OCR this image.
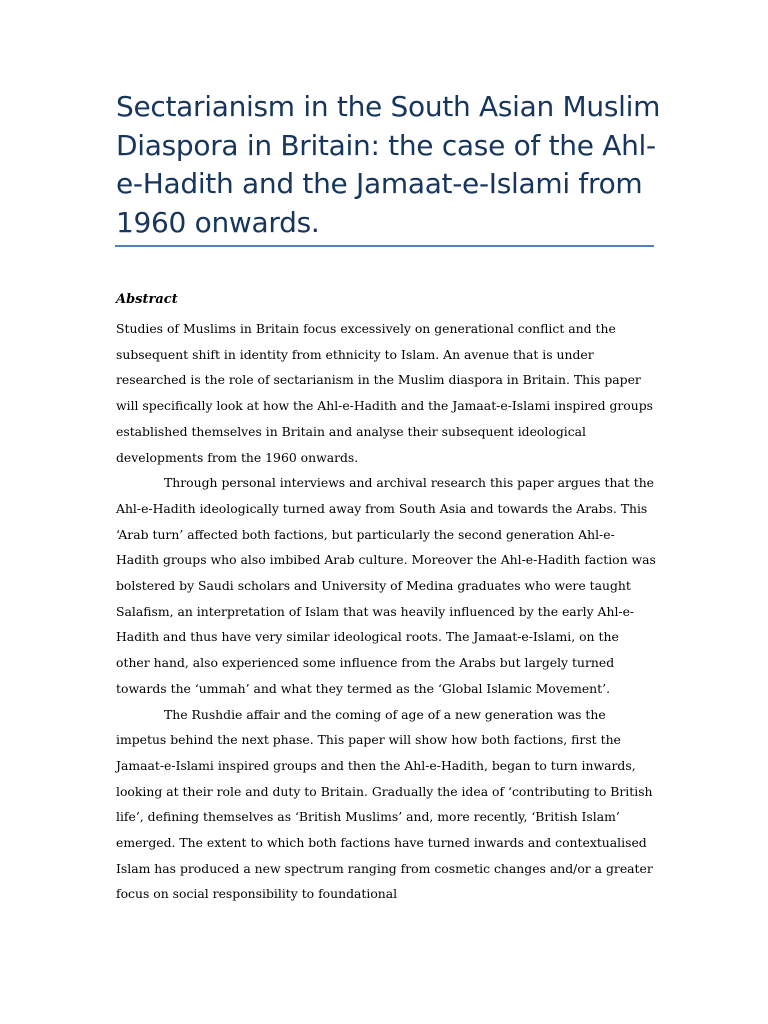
Sectarianism in the South Asian Muslim Diaspora in Britain: the case of the Ahl-e-Hadith and the Jamaat-e-Islami from 1960 onwards.
Abstract

Studies of Muslims in Britain focus excessively on generational conflict and the subsequent shift in identity from ethnicity to Islam. An avenue that is under researched is the role of sectarianism in the Muslim diaspora in Britain. This paper will specifically look at how the Ahl-e-Hadith and the Jamaat-e-Islami inspired groups established themselves in Britain and analyse their subsequent ideological developments from the 1960 onwards.

Through personal interviews and archival research this paper argues that the Ahl-e-Hadith ideologically turned away from South Asia and towards the Arabs. This ‘Arab turn’ affected both factions, but particularly the second generation Ahl-e-Hadith groups who also imbibed Arab culture. Moreover the Ahl-e-Hadith faction was bolstered by Saudi scholars and University of Medina graduates who were taught Salafism, an interpretation of Islam that was heavily influenced by the early Ahl-e-Hadith and thus have very similar ideological roots. The Jamaat-e-Islami, on the other hand, also experienced some influence from the Arabs but largely turned towards the ‘ummah’ and what they termed as the ‘Global Islamic Movement’.

The Rushdie affair and the coming of age of a new generation was the impetus behind the next phase. This paper will show how both factions, first the Jamaat-e-Islami inspired groups and then the Ahl-e-Hadith, began to turn inwards, looking at their role and duty to Britain. Gradually the idea of ‘contributing to British life’, defining themselves as ‘British Muslims’ and, more recently, ‘British Islam’ emerged. The extent to which both factions have turned inwards and contextualised Islam has produced a new spectrum ranging from cosmetic changes and/or a greater focus on social responsibility to foundational
